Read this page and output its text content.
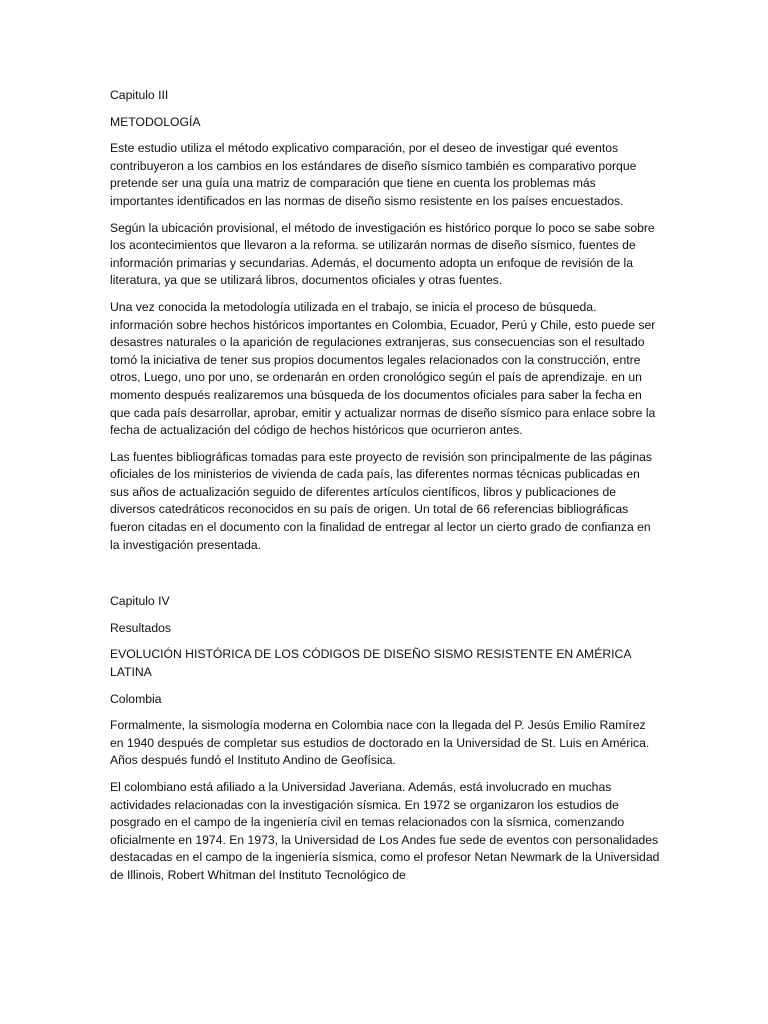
Capitulo III
METODOLOGÍA

Este estudio utiliza el método explicativo comparación, por el deseo de investigar qué eventos contribuyeron a los cambios en los estándares de diseño sísmico también es comparativo porque pretende ser una guía una matriz de comparación que tiene en cuenta los problemas más importantes identificados en las normas de diseño sismo resistente en los países encuestados.

Según la ubicación provisional, el método de investigación es histórico porque lo poco se sabe sobre los acontecimientos que llevaron a la reforma. se utilizarán normas de diseño sísmico, fuentes de información primarias y secundarias. Además, el documento adopta un enfoque de revisión de la literatura, ya que se utilizará libros, documentos oficiales y otras fuentes.

Una vez conocida la metodología utilizada en el trabajo, se inicia el proceso de búsqueda. información sobre hechos históricos importantes en Colombia, Ecuador, Perú y Chile, esto puede ser desastres naturales o la aparición de regulaciones extranjeras, sus consecuencias son el resultado tomó la iniciativa de tener sus propios documentos legales relacionados con la construcción, entre otros, Luego, uno por uno, se ordenarán en orden cronológico según el país de aprendizaje. en un momento después realizaremos una búsqueda de los documentos oficiales para saber la fecha en que cada país desarrollar, aprobar, emitir y actualizar normas de diseño sísmico para enlace sobre la fecha de actualización del código de hechos históricos que ocurrieron antes.

Las fuentes bibliográficas tomadas para este proyecto de revisión son principalmente de las páginas oficiales de los ministerios de vivienda de cada país, las diferentes normas técnicas publicadas en sus años de actualización seguido de diferentes artículos científicos, libros y publicaciones de diversos catedráticos reconocidos en su país de origen. Un total de 66 referencias bibliográficas fueron citadas en el documento con la finalidad de entregar al lector un cierto grado de confianza en la investigación presentada.

Capitulo IV
Resultados
EVOLUCIÓN HISTÓRICA DE LOS CÓDIGOS DE DISEÑO SISMO RESISTENTE EN AMÉRICA LATINA
Colombia

Formalmente, la sismología moderna en Colombia nace con la llegada del P. Jesús Emilio Ramírez en 1940 después de completar sus estudios de doctorado en la Universidad de St. Luis en América. Años después fundó el Instituto Andino de Geofísica.

El colombiano está afiliado a la Universidad Javeriana. Además, está involucrado en muchas actividades relacionadas con la investigación sísmica. En 1972 se organizaron los estudios de posgrado en el campo de la ingeniería civil en temas relacionados con la sísmica, comenzando oficialmente en 1974. En 1973, la Universidad de Los Andes fue sede de eventos con personalidades destacadas en el campo de la ingeniería sísmica, como el profesor Netan Newmark de la Universidad de Illinois, Robert Whitman del Instituto Tecnológico de
